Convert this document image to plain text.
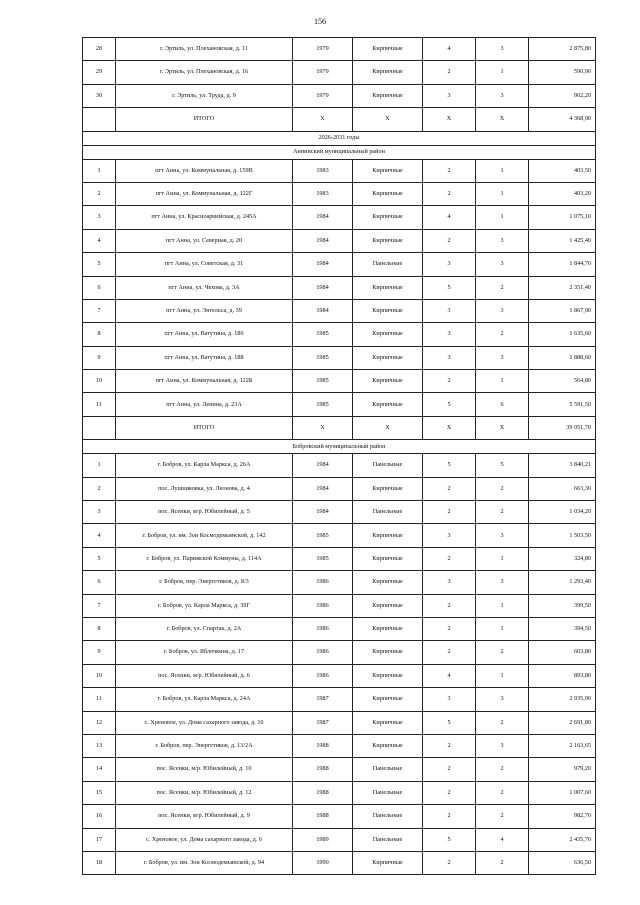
156
28	г. Эртиль, ул. Плехановская, д. 11	1979	Кирпичные	4	3	2 875,80
29	г. Эртиль, ул. Плехановская, д. 16	1979	Кирпичные	2	1	590,90
30	г. Эртиль, ул. Труда, д. 9	1979	Кирпичные	3	3	902,20
	ИТОГО	Х	Х	Х	Х	4 368,90
2026-2031 годы						
Аннинский муниципальный район						
1	пгт Анна, ул. Коммунальная, д. 159В	1983	Кирпичные	2	1	403,50
2	пгт Анна, ул. Коммунальная, д. 122Г	1983	Кирпичные	2	1	403,20
3	пгт Анна, ул. Красноармейская, д. 245А	1984	Кирпичные	4	1	1 075,10
4	пгт Анна, ул. Северная, д. 20	1984	Кирпичные	2	3	1 425,40
5	пгт Анна, ул. Советская, д. 31	1984	Панельные	3	3	1 844,70
6	пгт Анна, ул. Чехова, д. 3А	1984	Кирпичные	5	2	2 351,40
7	пгт Анна, ул. Энгельса, д. 39	1984	Кирпичные	3	3	1 867,90
8	пгт Анна, ул. Ватутина, д. 186	1985	Кирпичные	3	2	1 635,60
9	пгт Анна, ул. Ватутина, д. 188	1985	Кирпичные	3	3	1 888,60
10	пгт Анна, ул. Коммунальная, д. 122Б	1985	Кирпичные	2	1	564,80
11	пгт Анна, ул. Ленина, д. 23А	1985	Кирпичные	5	6	5 591,50
	ИТОГО	Х	Х	Х	Х	39 051,70
Бобровский муниципальный район						
1	г. Бобров, ул. Карла Маркса, д. 26А	1984	Панельные	5	5	3 840,21
2	пос. Лушниковка, ул. Леонова, д. 4	1984	Кирпичные	2	2	663,30
3	пос. Ясенки, м/р. Юбилейный, д. 5	1984	Панельные	2	2	1 034,20
4	г. Бобров, ул. им. Зои Космодемьянской, д. 142	1985	Кирпичные	3	3	1 503,50
5	г. Бобров, ул. Парижской Коммуны, д. 114А	1985	Кирпичные	2	1	324,80
6	г. Бобров, пер. Энергетиков, д. 8/3	1986	Кирпичные	3	3	1 293,40
7	г. Бобров, ул. Карла Маркса, д. 39Г	1986	Кирпичные	2	1	399,50
8	г. Бобров, ул. Спартак, д. 2А	1986	Кирпичные	2	1	394,50
9	г. Бобров, ул. Яблочкина, д. 17	1986	Кирпичные	2	2	603,80
10	пос. Ясенки, м/р. Юбилейный, д. 6	1986	Кирпичные	4	1	893,80
11	г. Бобров, ул. Карла Маркса, д. 24А	1987	Кирпичные	3	3	2 935,90
12	с. Хреновое, ул. Дома сахарного завода, д. 10	1987	Кирпичные	5	2	2 691,80
13	г. Бобров, пер. Энергетиков, д. 13/2А	1988	Кирпичные	2	3	2 163,65
14	пос. Ясенки, м/р. Юбилейный, д. 10	1988	Панельные	2	2	979,20
15	пос. Ясенки, м/р. Юбилейный, д. 12	1988	Панельные	2	2	1 007,60
16	пос. Ясенки, м/р. Юбилейный, д. 9	1988	Панельные	2	2	982,70
17	с. Хреновое, ул. Дома сахарного завода, д. 6	1989	Панельные	5	4	2 435,70
18	г. Бобров, ул. им. Зои Космодемьянской, д. 94	1990	Кирпичные	2	2	636,50
